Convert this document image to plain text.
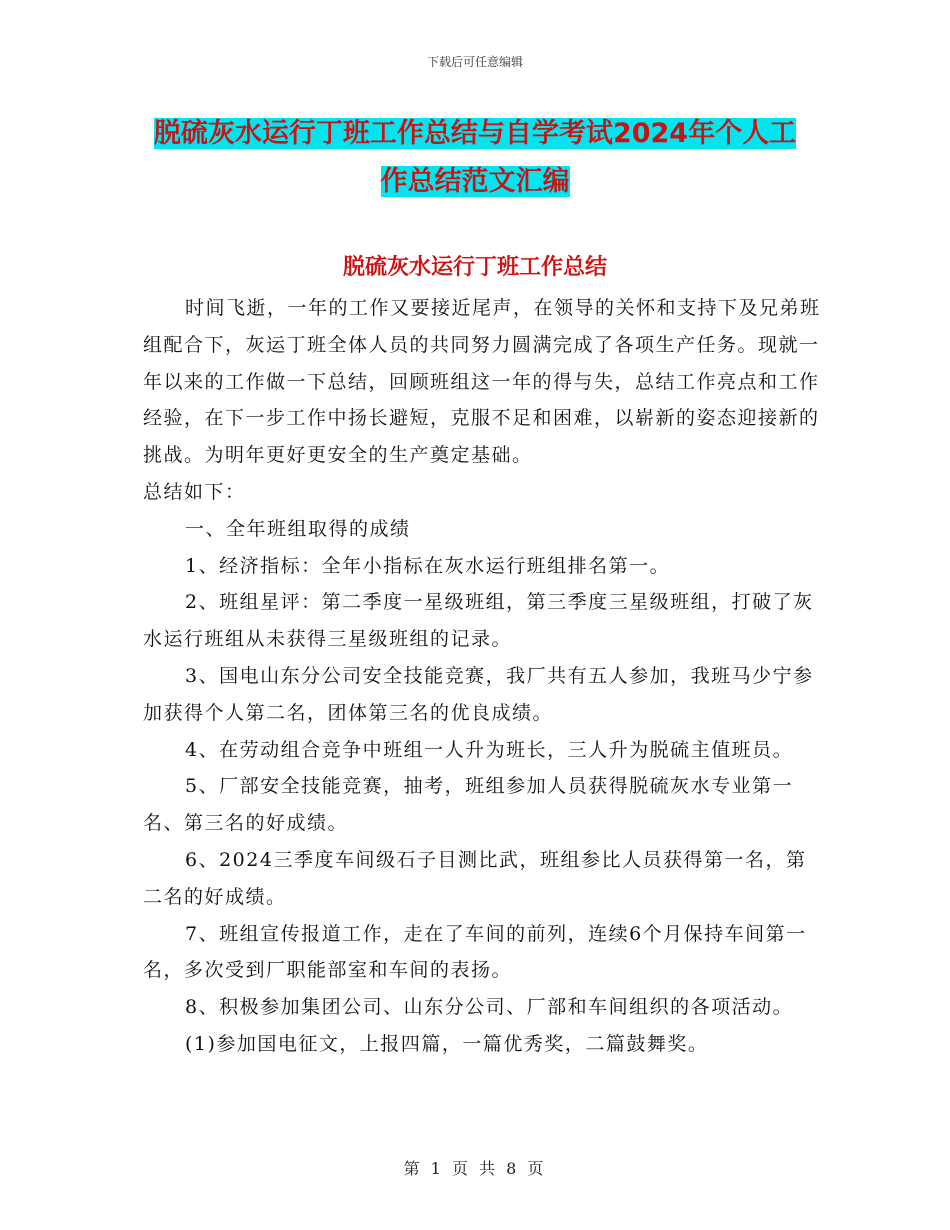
下载后可任意编辑
脱硫灰水运行丁班工作总结与自学考试2024年个人工
作总结范文汇编
脱硫灰水运行丁班工作总结

时间飞逝，一年的工作又要接近尾声，在领导的关怀和支持下及兄弟班组配合下，灰运丁班全体人员的共同努力圆满完成了各项生产任务。现就一年以来的工作做一下总结，回顾班组这一年的得与失，总结工作亮点和工作经验，在下一步工作中扬长避短，克服不足和困难，以崭新的姿态迎接新的挑战。为明年更好更安全的生产奠定基础。

总结如下：

一、全年班组取得的成绩

1、经济指标：全年小指标在灰水运行班组排名第一。

2、班组星评：第二季度一星级班组，第三季度三星级班组，打破了灰水运行班组从未获得三星级班组的记录。

3、国电山东分公司安全技能竞赛，我厂共有五人参加，我班马少宁参加获得个人第二名，团体第三名的优良成绩。

4、在劳动组合竞争中班组一人升为班长，三人升为脱硫主值班员。

5、厂部安全技能竞赛，抽考，班组参加人员获得脱硫灰水专业第一名、第三名的好成绩。

6、2024三季度车间级石子目测比武，班组参比人员获得第一名，第二名的好成绩。

7、班组宣传报道工作，走在了车间的前列，连续6个月保持车间第一名，多次受到厂职能部室和车间的表扬。

8、积极参加集团公司、山东分公司、厂部和车间组织的各项活动。

(1)参加国电征文，上报四篇，一篇优秀奖，二篇鼓舞奖。

第 1 页 共 8 页
